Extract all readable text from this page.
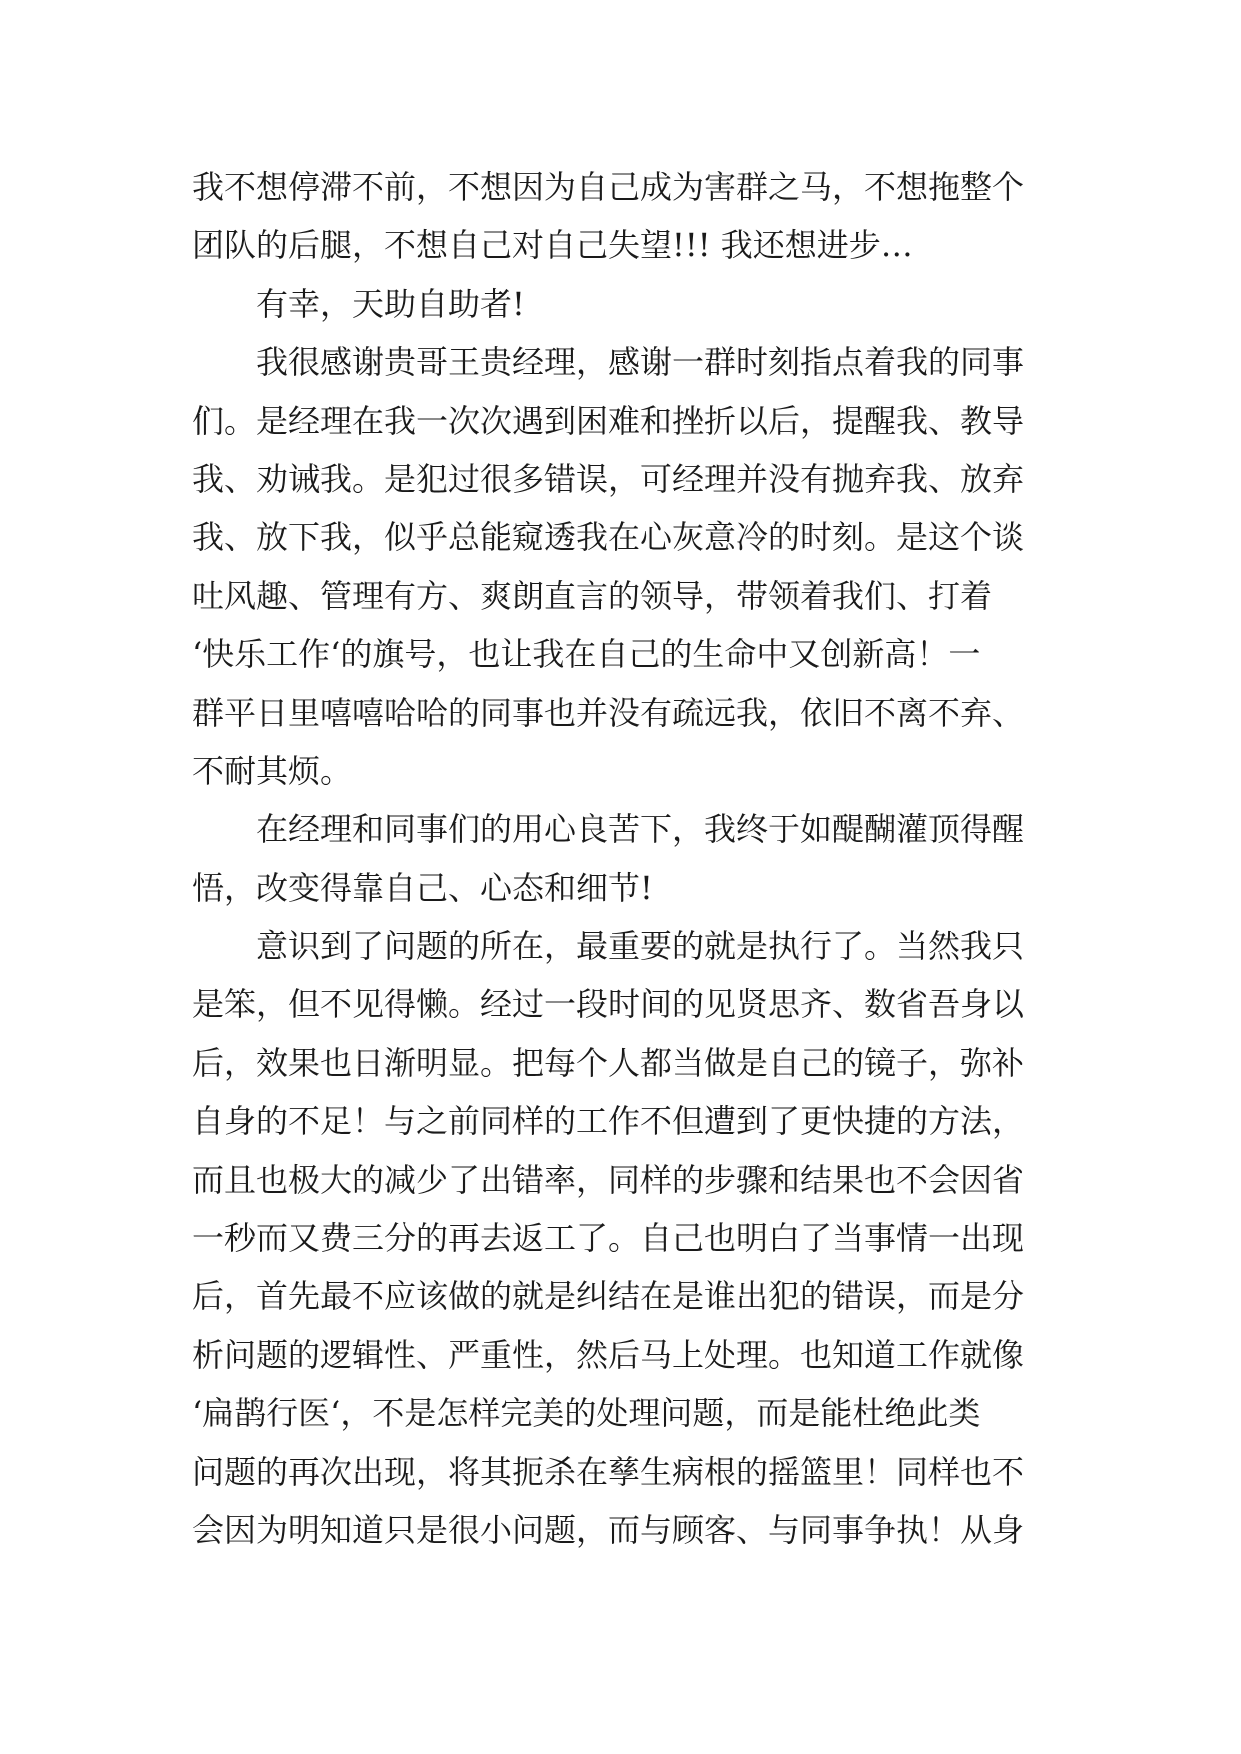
我不想停滞不前，不想因为自己成为害群之马，不想拖整个
团队的后腿，不想自己对自己失望!!! 我还想进步…
有幸，天助自助者!
我很感谢贵哥王贵经理，感谢一群时刻指点着我的同事
们。是经理在我一次次遇到困难和挫折以后，提醒我、教导
我、劝诫我。是犯过很多错误，可经理并没有抛弃我、放弃
我、放下我，似乎总能窥透我在心灰意冷的时刻。是这个谈
吐风趣、管理有方、爽朗直言的领导，带领着我们、打着
‘快乐工作‘的旗号，也让我在自己的生命中又创新高！一
群平日里嘻嘻哈哈的同事也并没有疏远我，依旧不离不弃、
不耐其烦。
在经理和同事们的用心良苦下，我终于如醍醐灌顶得醒
悟，改变得靠自己、心态和细节!
意识到了问题的所在，最重要的就是执行了。当然我只
是笨，但不见得懒。经过一段时间的见贤思齐、数省吾身以
后，效果也日渐明显。把每个人都当做是自己的镜子，弥补
自身的不足！与之前同样的工作不但遭到了更快捷的方法，
而且也极大的减少了出错率，同样的步骤和结果也不会因省
一秒而又费三分的再去返工了。自己也明白了当事情一出现
后，首先最不应该做的就是纠结在是谁出犯的错误，而是分
析问题的逻辑性、严重性，然后马上处理。也知道工作就像
‘扁鹊行医‘，不是怎样完美的处理问题，而是能杜绝此类
问题的再次出现，将其扼杀在孳生病根的摇篮里！同样也不
会因为明知道只是很小问题，而与顾客、与同事争执！从身
